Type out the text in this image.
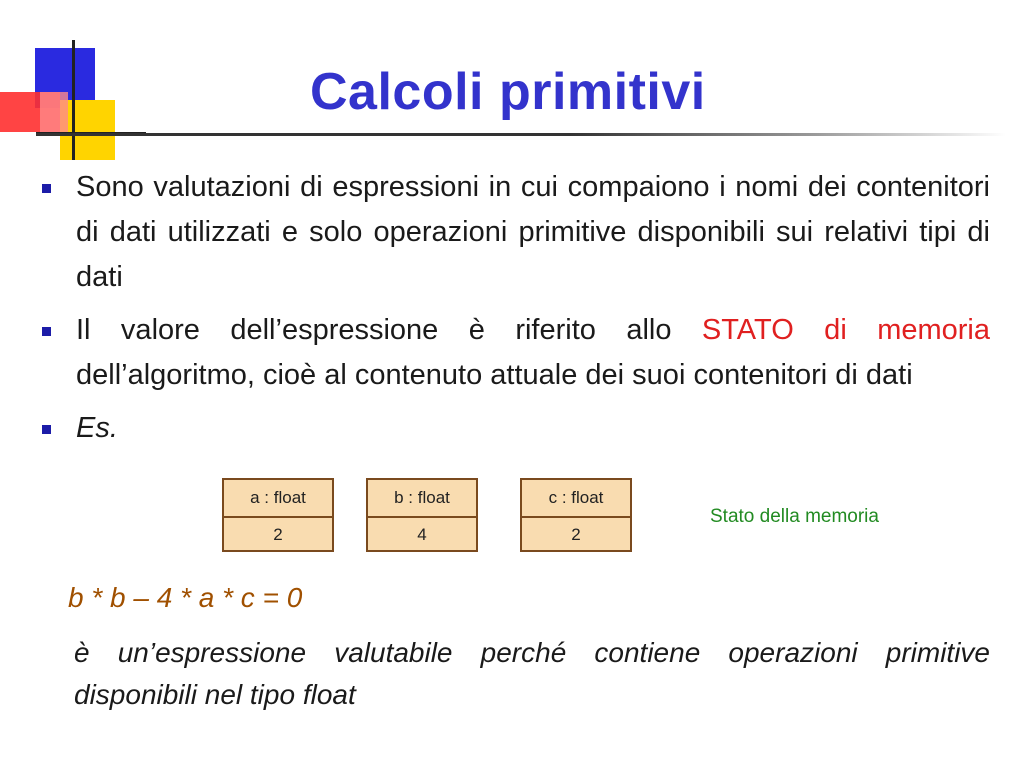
Calcoli primitivi
Sono valutazioni di espressioni in cui compaiono i nomi dei contenitori di dati utilizzati e solo operazioni primitive disponibili sui relativi tipi di dati
Il valore dell’espressione è riferito allo STATO di memoria dell’algoritmo, cioè al contenuto attuale dei suoi contenitori di dati
Es.
a : float
2
b : float
4
c : float
2
Stato della memoria
b * b – 4 * a * c = 0
è un’espressione valutabile perché contiene operazioni primitive disponibili nel tipo float
